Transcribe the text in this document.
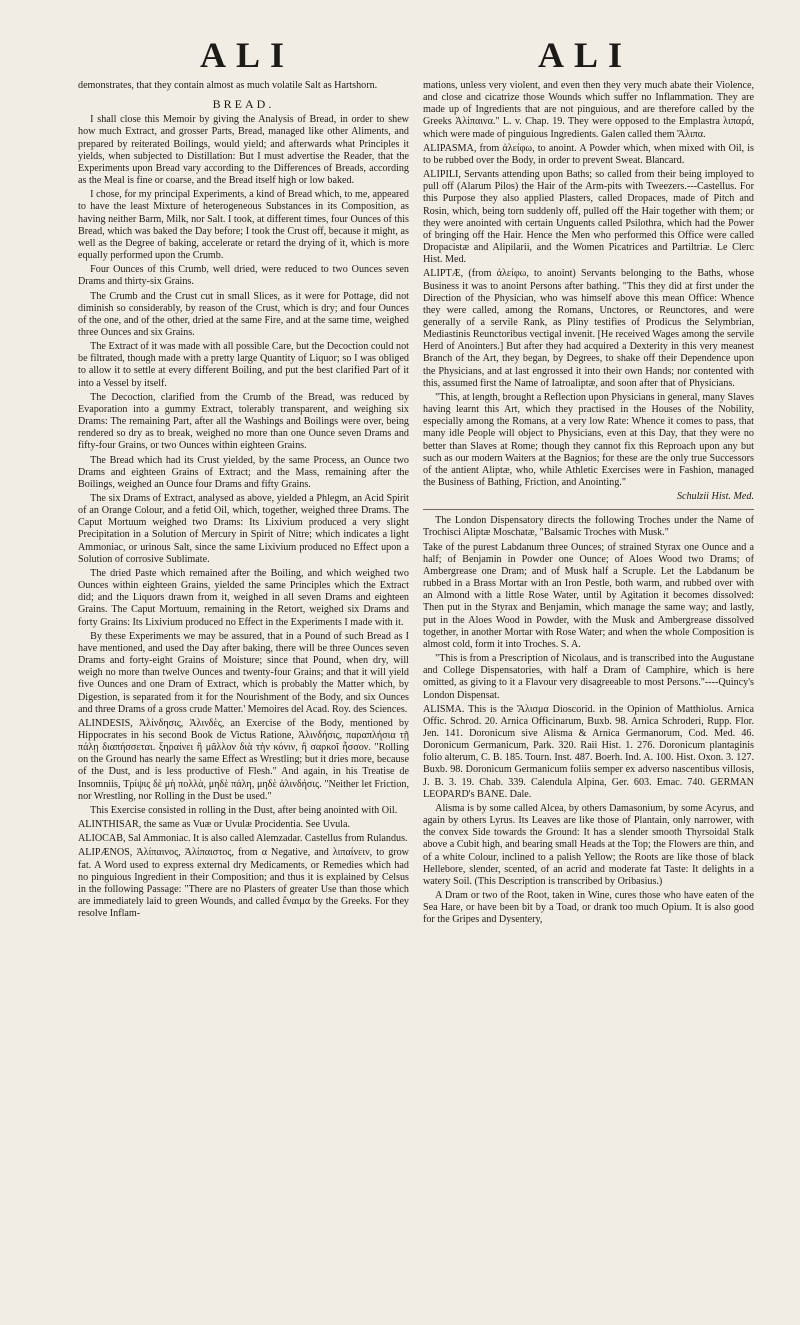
ALI	ALI

demonstrates, that they contain almost as much volatile Salt as Hartshorn.

BREAD.

I shall close this Memoir by giving the Analysis of Bread, in order to shew how much Extract, and grosser Parts, Bread, managed like other Aliments, and prepared by reiterated Boilings, would yield; and afterwards what Principles it yields, when subjected to Distillation: But I must advertise the Reader, that the Experiments upon Bread vary according to the Differences of Breads, according as the Meal is fine or coarse, and the Bread itself high or low baked.

I chose, for my principal Experiments, a kind of Bread which, to me, appeared to have the least Mixture of heterogeneous Substances in its Composition, as having neither Barm, Milk, nor Salt. I took, at different times, four Ounces of this Bread, which was baked the Day before; I took the Crust off, because it might, as well as the Degree of baking, accelerate or retard the drying of it, which is more equally performed upon the Crumb.

Four Ounces of this Crumb, well dried, were reduced to two Ounces seven Drams and thirty-six Grains.

The Crumb and the Crust cut in small Slices, as it were for Pottage, did not diminish so considerably, by reason of the Crust, which is dry; and four Ounces of the one, and of the other, dried at the same Fire, and at the same time, weighed three Ounces and six Grains.

The Extract of it was made with all possible Care, but the Decoction could not be filtrated, though made with a pretty large Quantity of Liquor; so I was obliged to allow it to settle at every different Boiling, and put the best clarified Part of it into a Vessel by itself.

The Decoction, clarified from the Crumb of the Bread, was reduced by Evaporation into a gummy Extract, tolerably transparent, and weighing six Drams: The remaining Part, after all the Washings and Boilings were over, being rendered so dry as to break, weighed no more than one Ounce seven Drams and fifty-four Grains, or two Ounces within eighteen Grains.

The Bread which had its Crust yielded, by the same Process, an Ounce two Drams and eighteen Grains of Extract; and the Mass, remaining after the Boilings, weighed an Ounce four Drams and fifty Grains.

The six Drams of Extract, analysed as above, yielded a Phlegm, an Acid Spirit of an Orange Colour, and a fetid Oil, which, together, weighed three Drams. The Caput Mortuum weighed two Drams: Its Lixivium produced a very slight Precipitation in a Solution of Mercury in Spirit of Nitre; which indicates a light Ammoniac, or urinous Salt, since the same Lixivium produced no Effect upon a Solution of corrosive Sublimate.

The dried Paste which remained after the Boiling, and which weighed two Ounces within eighteen Grains, yielded the same Principles which the Extract did; and the Liquors drawn from it, weighed in all seven Drams and eighteen Grains. The Caput Mortuum, remaining in the Retort, weighed six Drams and forty Grains: Its Lixivium produced no Effect in the Experiments I made with it.

By these Experiments we may be assured, that in a Pound of such Bread as I have mentioned, and used the Day after baking, there will be three Ounces seven Drams and forty-eight Grains of Moisture; since that Pound, when dry, will weigh no more than twelve Ounces and twenty-four Grains; and that it will yield five Ounces and one Dram of Extract, which is probably the Matter which, by Digestion, is separated from it for the Nourishment of the Body, and six Ounces and three Drams of a gross crude Matter.' Memoires del Acad. Roy. des Sciences.

ALINDESIS, Ἀλίνδησις, Ἀλινδὲς, an Exercise of the Body, mentioned by Hippocrates in his second Book de Victus Ratione, Ἀλινδήσις, παραπλήσια τῇ πάλῃ διαπήσσεται. ξηραίνει ἢ μᾶλλον διὰ τὴν κόνιν, ἢ σαρκοῖ ἧσσον. "Rolling on the Ground has nearly the same Effect as Wrestling; but it dries more, because of the Dust, and is less productive of Flesh." And again, in his Treatise de Insomniis, Τρίψις δὲ μὴ πολλὰ, μηδὲ πάλη, μηδὲ ἀλινδήσις. "Neither let Friction, nor Wrestling, nor Rolling in the Dust be used."

This Exercise consisted in rolling in the Dust, after being anointed with Oil.

ALINTHISAR, the same as Vuæ or Uvulæ Procidentia. See Uvula.

ALIOCAB, Sal Ammoniac. It is also called Alemzadar. Castellus from Rulandus.

ALIPÆNOS, Ἀλίπαινος, Ἀλίπαιστος, from α Negative, and λιπαίνειν, to grow fat. A Word used to express external dry Medicaments, or Remedies which had no pinguious Ingredient in their Composition; and thus it is explained by Celsus in the following Passage: "There are no Plasters of greater Use than those which are immediately laid to green Wounds, and called ἔναιμα by the Greeks. For they resolve Inflam-

mations, unless very violent, and even then they very much abate their Violence, and close and cicatrize those Wounds which suffer no Inflammation. They are made up of Ingredients that are not pinguious, and are therefore called by the Greeks Ἀλίπαινα." L. v. Chap. 19. They were opposed to the Emplastra λιπαρά, which were made of pinguious Ingredients. Galen called them Ἄλιπα.

ALIPASMA, from ἀλείφω, to anoint. A Powder which, when mixed with Oil, is to be rubbed over the Body, in order to prevent Sweat. Blancard.

ALIPILI, Servants attending upon Baths; so called from their being imployed to pull off (Alarum Pilos) the Hair of the Arm-pits with Tweezers.---Castellus. For this Purpose they also applied Plasters, called Dropaces, made of Pitch and Rosin, which, being torn suddenly off, pulled off the Hair together with them; or they were anointed with certain Unguents called Psilothra, which had the Power of bringing off the Hair. Hence the Men who performed this Office were called Dropacistæ and Alipilarii, and the Women Picatrices and Partiltriæ. Le Clerc Hist. Med.

ALIPTÆ, (from ἀλείφω, to anoint) Servants belonging to the Baths, whose Business it was to anoint Persons after bathing. "This they did at first under the Direction of the Physician, who was himself above this mean Office: Whence they were called, among the Romans, Unctores, or Reunctores, and were generally of a servile Rank, as Pliny testifies of Prodicus the Selymbrian, Mediastinis Reunctoribus vectigal invenit. [He received Wages among the servile Herd of Anointers.] But after they had acquired a Dexterity in this very meanest Branch of the Art, they began, by Degrees, to shake off their Dependence upon the Physicians, and at last engrossed it into their own Hands; nor contented with this, assumed first the Name of Iatroaliptæ, and soon after that of Physicians.

"This, at length, brought a Reflection upon Physicians in general, many Slaves having learnt this Art, which they practised in the Houses of the Nobility, especially among the Romans, at a very low Rate: Whence it comes to pass, that many idle People will object to Physicians, even at this Day, that they were no better than Slaves at Rome; though they cannot fix this Reproach upon any but such as our modern Waiters at the Bagnios; for these are the only true Successors of the antient Aliptæ, who, while Athletic Exercises were in Fashion, managed the Business of Bathing, Friction, and Anointing."

Schulzii Hist. Med.

The London Dispensatory directs the following Troches under the Name of Trochisci Aliptæ Moschatæ, "Balsamic Troches with Musk."

Take of the purest Labdanum three Ounces; of strained Styrax one Ounce and a half; of Benjamin in Powder one Ounce; of Aloes Wood two Drams; of Ambergrease one Dram; and of Musk half a Scruple. Let the Labdanum be rubbed in a Brass Mortar with an Iron Pestle, both warm, and rubbed over with an Almond with a little Rose Water, until by Agitation it becomes dissolved: Then put in the Styrax and Benjamin, which manage the same way; and lastly, put in the Aloes Wood in Powder, with the Musk and Ambergrease dissolved together, in another Mortar with Rose Water; and when the whole Composition is almost cold, form it into Troches. S. A.

"This is from a Prescription of Nicolaus, and is transcribed into the Augustane and College Dispensatories, with half a Dram of Camphire, which is here omitted, as giving to it a Flavour very disagreeable to most Persons."----Quincy's London Dispensat.

ALISMA. This is the Ἄλισμα Dioscorid. in the Opinion of Matthiolus. Arnica Offic. Schrod. 20. Arnica Officinarum, Buxb. 98. Arnica Schroderi, Rupp. Flor. Jen. 141. Doronicum sive Alisma & Arnica Germanorum, Cod. Med. 46. Doronicum Germanicum, Park. 320. Raii Hist. 1. 276. Doronicum plantaginis folio alterum, C. B. 185. Tourn. Inst. 487. Boerh. Ind. A. 100. Hist. Oxon. 3. 127. Buxb. 98. Doronicum Germanicum foliis semper ex adverso nascentibus villosis, J. B. 3. 19. Chab. 339. Calendula Alpina, Ger. 603. Emac. 740. GERMAN LEOPARD's BANE. Dale.

Alisma is by some called Alcea, by others Damasonium, by some Acyrus, and again by others Lyrus. Its Leaves are like those of Plantain, only narrower, with the convex Side towards the Ground: It has a slender smooth Thyrsoidal Stalk above a Cubit high, and bearing small Heads at the Top; the Flowers are thin, and of a white Colour, inclined to a palish Yellow; the Roots are like those of black Hellebore, slender, scented, of an acrid and moderate fat Taste: It delights in a watery Soil. (This Description is transcribed by Oribasius.)

A Dram or two of the Root, taken in Wine, cures those who have eaten of the Sea Hare, or have been bit by a Toad, or drank too much Opium. It is also good for the Gripes and Dysentery,
